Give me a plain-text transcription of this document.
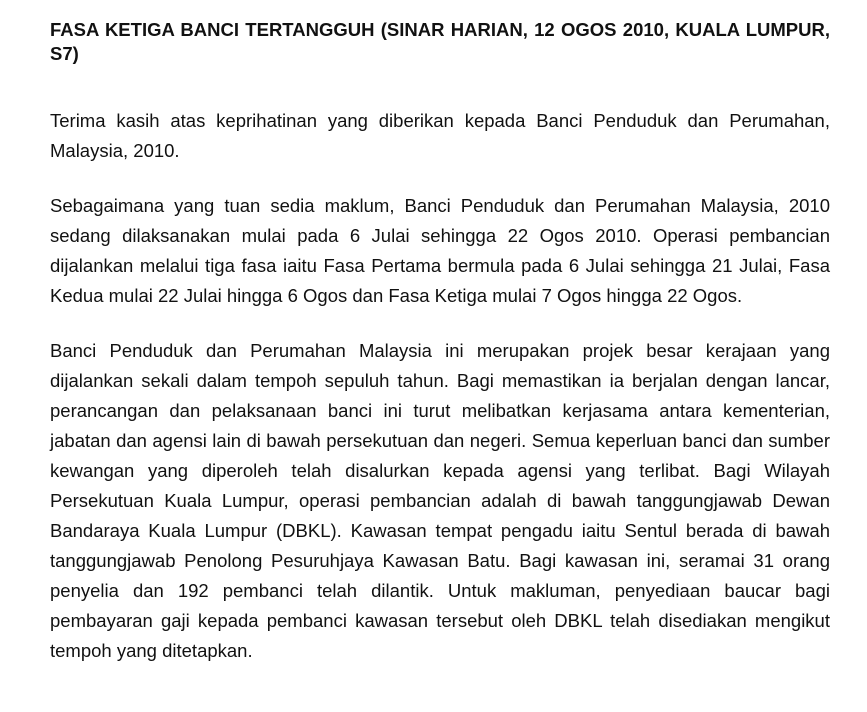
FASA KETIGA BANCI TERTANGGUH (SINAR HARIAN, 12 OGOS 2010, KUALA LUMPUR, S7)

Terima kasih atas keprihatinan yang diberikan kepada Banci Penduduk dan Perumahan, Malaysia, 2010.

Sebagaimana yang tuan sedia maklum, Banci Penduduk dan Perumahan Malaysia, 2010 sedang dilaksanakan mulai pada 6 Julai sehingga 22 Ogos 2010. Operasi pembancian dijalankan melalui tiga fasa iaitu Fasa Pertama bermula pada 6 Julai sehingga 21 Julai, Fasa Kedua mulai 22 Julai hingga 6 Ogos dan Fasa Ketiga mulai 7 Ogos hingga 22 Ogos.

Banci Penduduk dan Perumahan Malaysia ini merupakan projek besar kerajaan yang dijalankan sekali dalam tempoh sepuluh tahun. Bagi memastikan ia berjalan dengan lancar, perancangan dan pelaksanaan banci ini turut melibatkan kerjasama antara kementerian, jabatan dan agensi lain di bawah persekutuan dan negeri. Semua keperluan banci dan sumber kewangan yang diperoleh telah disalurkan kepada agensi yang terlibat. Bagi Wilayah Persekutuan Kuala Lumpur, operasi pembancian adalah di bawah tanggungjawab Dewan Bandaraya Kuala Lumpur (DBKL). Kawasan tempat pengadu iaitu Sentul berada di bawah tanggungjawab Penolong Pesuruhjaya Kawasan Batu. Bagi kawasan ini, seramai 31 orang penyelia dan 192 pembanci telah dilantik. Untuk makluman, penyediaan baucar bagi pembayaran gaji kepada pembanci kawasan tersebut oleh DBKL telah disediakan mengikut tempoh yang ditetapkan.
